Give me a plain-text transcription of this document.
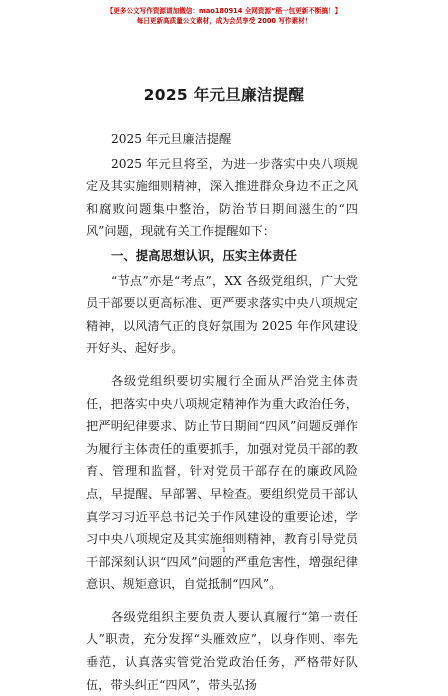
【更多公文写作资源请加微信：mao180914 全网资源“稻一包更新不断搞！】
每日更新高质量公文素材，成为会员享受 2000 写作素材！
2025 年元旦廉洁提醒

2025 年元旦廉洁提醒

2025 年元旦将至，为进一步落实中央八项规定及其实施细则精神，深入推进群众身边不正之风和腐败问题集中整治，防治节日期间滋生的“四风”问题，现就有关工作提醒如下：

一、提高思想认识，压实主体责任

“节点”亦是“考点”，XX 各级党组织，广大党员干部要以更高标准、更严要求落实中央八项规定精神，以风清气正的良好氛围为 2025 年作风建设开好头、起好步。

各级党组织要切实履行全面从严治党主体责任，把落实中央八项规定精神作为重大政治任务，把严明纪律要求、防止节日期间“四风”问题反弹作为履行主体责任的重要抓手，加强对党员干部的教育、管理和监督，针对党员干部存在的廉政风险点，早提醒、早部署、早检查。要组织党员干部认真学习习近平总书记关于作风建设的重要论述，学习中央八项规定及其实施细则精神，教育引导党员干部深刻认识“四风”问题的严重危害性，增强纪律意识、规矩意识，自觉抵制“四风”。

各级党组织主要负责人要认真履行“第一责任人”职责，充分发挥“头雁效应”，以身作则、率先垂范，认真落实管党治党政治任务，严格带好队伍，带头纠正“四风”，带头弘扬

1
